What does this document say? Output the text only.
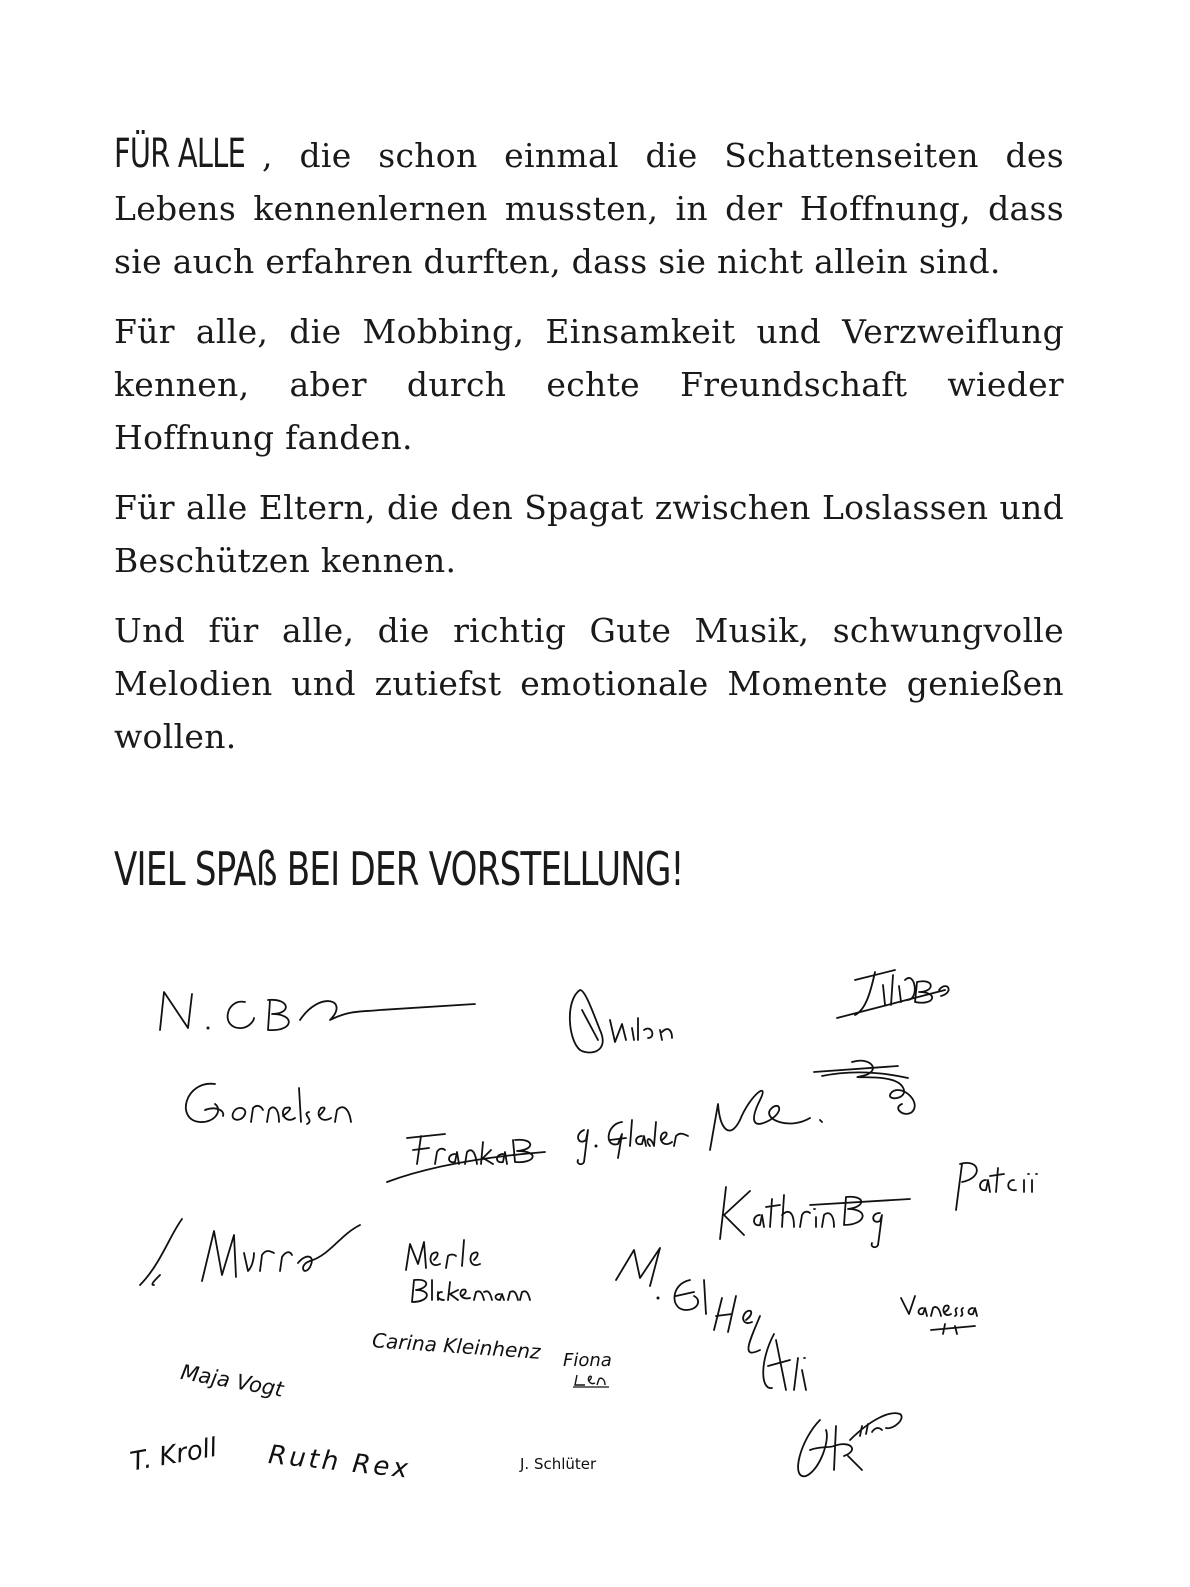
FÜR ALLE , die schon einmal die Schattenseiten des Lebens kennenlernen mussten, in der Hoffnung, dass sie auch erfahren durften, dass sie nicht allein sind.

Für alle, die Mobbing, Einsamkeit und Verzweiflung kennen, aber durch echte Freundschaft wieder Hoffnung fanden.

Für alle Eltern, die den Spagat zwischen Loslassen und Beschützen kennen.

Und für alle, die richtig Gute Musik, schwungvolle Melodien und zutiefst emotionale Momente genießen wollen.

VIEL SPAß BEI DER VORSTELLUNG!
Carina Kleinhenz Fiona
Maja Vogt
T. Kroll Ruth Rex	J. Schlüter
